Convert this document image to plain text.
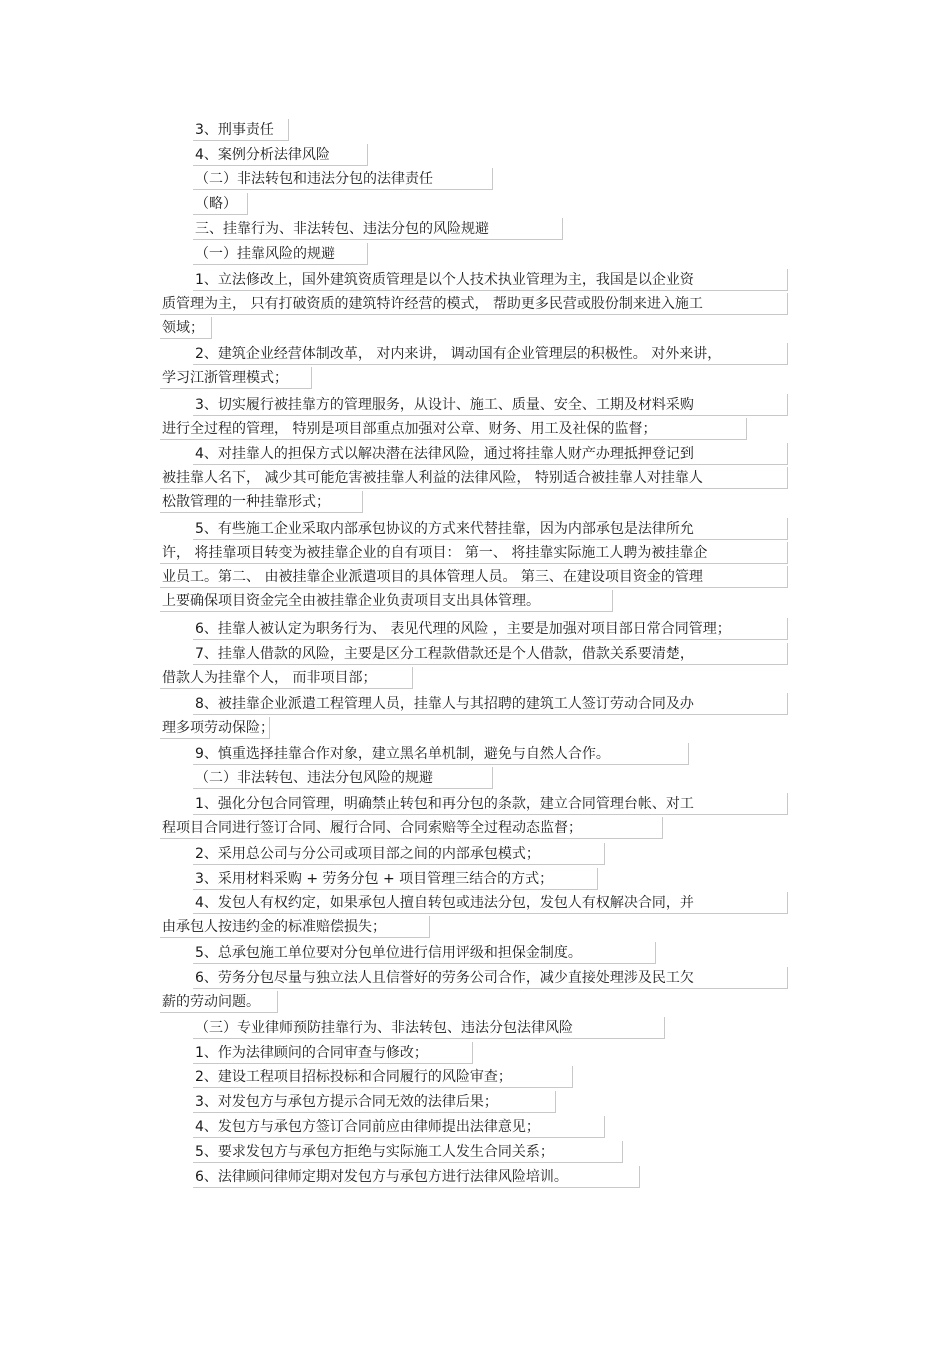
3、刑事责任
4、案例分析法律风险
（二）非法转包和违法分包的法律责任
（略）
三、挂靠行为、非法转包、违法分包的风险规避
（一）挂靠风险的规避
1、立法修改上，国外建筑资质管理是以个人技术执业管理为主，我国是以企业资
质管理为主， 只有打破资质的建筑特许经营的模式， 帮助更多民营或股份制来进入施工
领域；
2、建筑企业经营体制改革， 对内来讲， 调动国有企业管理层的积极性。 对外来讲，
学习江浙管理模式；
3、切实履行被挂靠方的管理服务，从设计、施工、质量、安全、工期及材料采购
进行全过程的管理， 特别是项目部重点加强对公章、财务、用工及社保的监督；
4、对挂靠人的担保方式以解决潜在法律风险，通过将挂靠人财产办理抵押登记到
被挂靠人名下， 减少其可能危害被挂靠人利益的法律风险， 特别适合被挂靠人对挂靠人
松散管理的一种挂靠形式；
5、有些施工企业采取内部承包协议的方式来代替挂靠，因为内部承包是法律所允
许， 将挂靠项目转变为被挂靠企业的自有项目： 第一、 将挂靠实际施工人聘为被挂靠企
业员工。第二、 由被挂靠企业派遣项目的具体管理人员。 第三、在建设项目资金的管理
上要确保项目资金完全由被挂靠企业负责项目支出具体管理。
6、挂靠人被认定为职务行为、 表见代理的风险 ，主要是加强对项目部日常合同管理；
7、挂靠人借款的风险，主要是区分工程款借款还是个人借款，借款关系要清楚，
借款人为挂靠个人， 而非项目部；
8、被挂靠企业派遣工程管理人员，挂靠人与其招聘的建筑工人签订劳动合同及办
理多项劳动保险；
9、慎重选择挂靠合作对象，建立黑名单机制，避免与自然人合作。
（二）非法转包、违法分包风险的规避
1、强化分包合同管理，明确禁止转包和再分包的条款，建立合同管理台帐、对工
程项目合同进行签订合同、履行合同、合同索赔等全过程动态监督；
2、采用总公司与分公司或项目部之间的内部承包模式；
3、采用材料采购 + 劳务分包 + 项目管理三结合的方式；
4、发包人有权约定，如果承包人擅自转包或违法分包，发包人有权解决合同，并
由承包人按违约金的标准赔偿损失；
5、总承包施工单位要对分包单位进行信用评级和担保金制度。
6、劳务分包尽量与独立法人且信誉好的劳务公司合作，减少直接处理涉及民工欠
薪的劳动问题。
（三）专业律师预防挂靠行为、非法转包、违法分包法律风险
1、作为法律顾问的合同审查与修改；
2、建设工程项目招标投标和合同履行的风险审查；
3、对发包方与承包方提示合同无效的法律后果；
4、发包方与承包方签订合同前应由律师提出法律意见；
5、要求发包方与承包方拒绝与实际施工人发生合同关系；
6、法律顾问律师定期对发包方与承包方进行法律风险培训。
